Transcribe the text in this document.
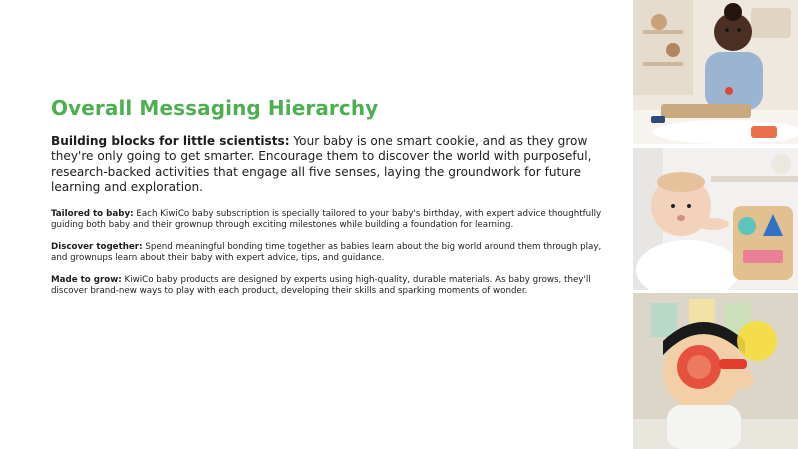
Overall Messaging Hierarchy

Building blocks for little scientists: Your baby is one smart cookie, and as they grow they're only going to get smarter. Encourage them to discover the world with purposeful, research-backed activities that engage all five senses, laying the groundwork for future learning and exploration.

Tailored to baby: Each KiwiCo baby subscription is specially tailored to your baby's birthday, with expert advice thoughtfully guiding both baby and their grownup through exciting milestones while building a foundation for learning.

Discover together: Spend meaningful bonding time together as babies learn about the big world around them through play, and grownups learn about their baby with expert advice, tips, and guidance.

Made to grow: KiwiCo baby products are designed by experts using high-quality, durable materials. As baby grows, they'll discover brand-new ways to play with each product, developing their skills and sparking moments of wonder.
